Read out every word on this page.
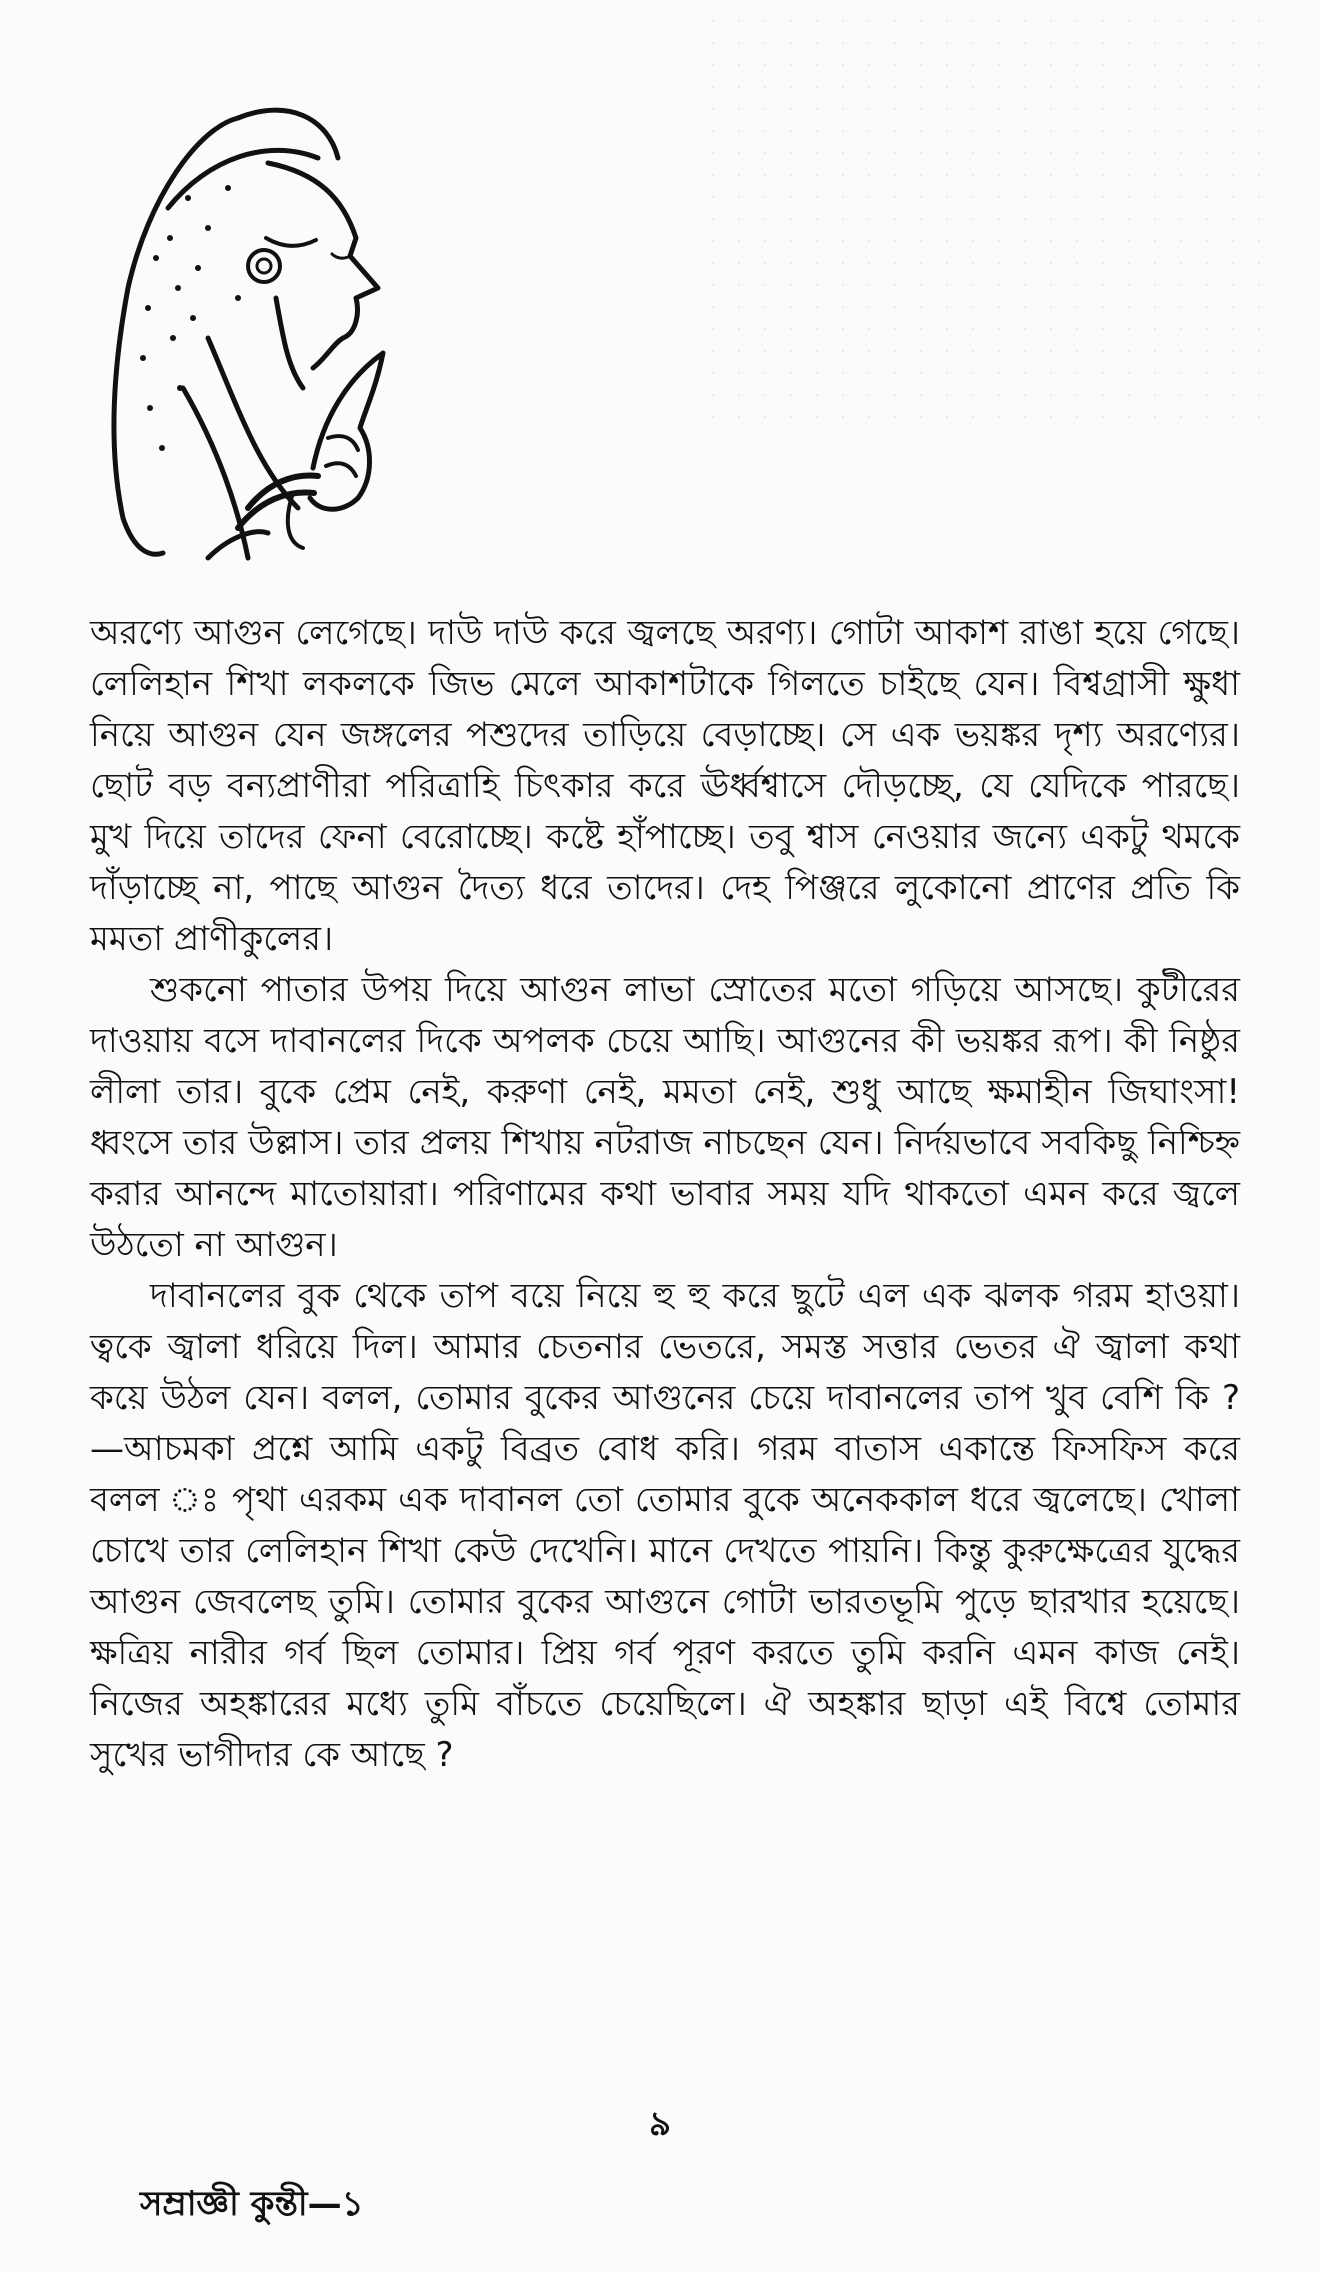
অরণ্যে আগুন লেগেছে। দাউ দাউ করে জ্বলছে অরণ্য। গোটা আকাশ রাঙা হয়ে গেছে। লেলিহান শিখা লকলকে জিভ মেলে আকাশটাকে গিলতে চাইছে যেন। বিশ্বগ্রাসী ক্ষুধা নিয়ে আগুন যেন জঙ্গলের পশুদের তাড়িয়ে বেড়াচ্ছে। সে এক ভয়ঙ্কর দৃশ্য অরণ্যের। ছোট বড় বন্যপ্রাণীরা পরিত্রাহি চিৎকার করে ঊর্ধ্বশ্বাসে দৌড়চ্ছে, যে যেদিকে পারছে। মুখ দিয়ে তাদের ফেনা বেরোচ্ছে। কষ্টে হাঁপাচ্ছে। তবু শ্বাস নেওয়ার জন্যে একটু থমকে দাঁড়াচ্ছে না, পাছে আগুন দৈত্য ধরে তাদের। দেহ পিঞ্জরে লুকোনো প্রাণের প্রতি কি মমতা প্রাণীকুলের।

শুকনো পাতার উপয় দিয়ে আগুন লাভা স্রোতের মতো গড়িয়ে আসছে। কুটীরের দাওয়ায় বসে দাবানলের দিকে অপলক চেয়ে আছি। আগুনের কী ভয়ঙ্কর রূপ। কী নিষ্ঠুর লীলা তার। বুকে প্রেম নেই, করুণা নেই, মমতা নেই, শুধু আছে ক্ষমাহীন জিঘাংসা! ধ্বংসে তার উল্লাস। তার প্রলয় শিখায় নটরাজ নাচছেন যেন। নির্দয়ভাবে সবকিছু নিশ্চিহ্ন করার আনন্দে মাতোয়ারা। পরিণামের কথা ভাবার সময় যদি থাকতো এমন করে জ্বলে উঠতো না আগুন।

দাবানলের বুক থেকে তাপ বয়ে নিয়ে হু হু করে ছুটে এল এক ঝলক গরম হাওয়া। ত্বকে জ্বালা ধরিয়ে দিল। আমার চেতনার ভেতরে, সমস্ত সত্তার ভেতর ঐ জ্বালা কথা কয়ে উঠল যেন। বলল, তোমার বুকের আগুনের চেয়ে দাবানলের তাপ খুব বেশি কি ?—আচমকা প্রশ্নে আমি একটু বিব্রত বোধ করি। গরম বাতাস একান্তে ফিসফিস করে বলল ঃ পৃথা এরকম এক দাবানল তো তোমার বুকে অনেককাল ধরে জ্বলেছে। খোলা চোখে তার লেলিহান শিখা কেউ দেখেনি। মানে দেখতে পায়নি। কিন্তু কুরুক্ষেত্রের যুদ্ধের আগুন জেবলেছ তুমি। তোমার বুকের আগুনে গোটা ভারতভূমি পুড়ে ছারখার হয়েছে। ক্ষত্রিয় নারীর গর্ব ছিল তোমার। প্রিয় গর্ব পূরণ করতে তুমি করনি এমন কাজ নেই। নিজের অহঙ্কারের মধ্যে তুমি বাঁচতে চেয়েছিলে। ঐ অহঙ্কার ছাড়া এই বিশ্বে তোমার সুখের ভাগীদার কে আছে ?

৯
সম্রাজ্ঞী কুন্তী—১
